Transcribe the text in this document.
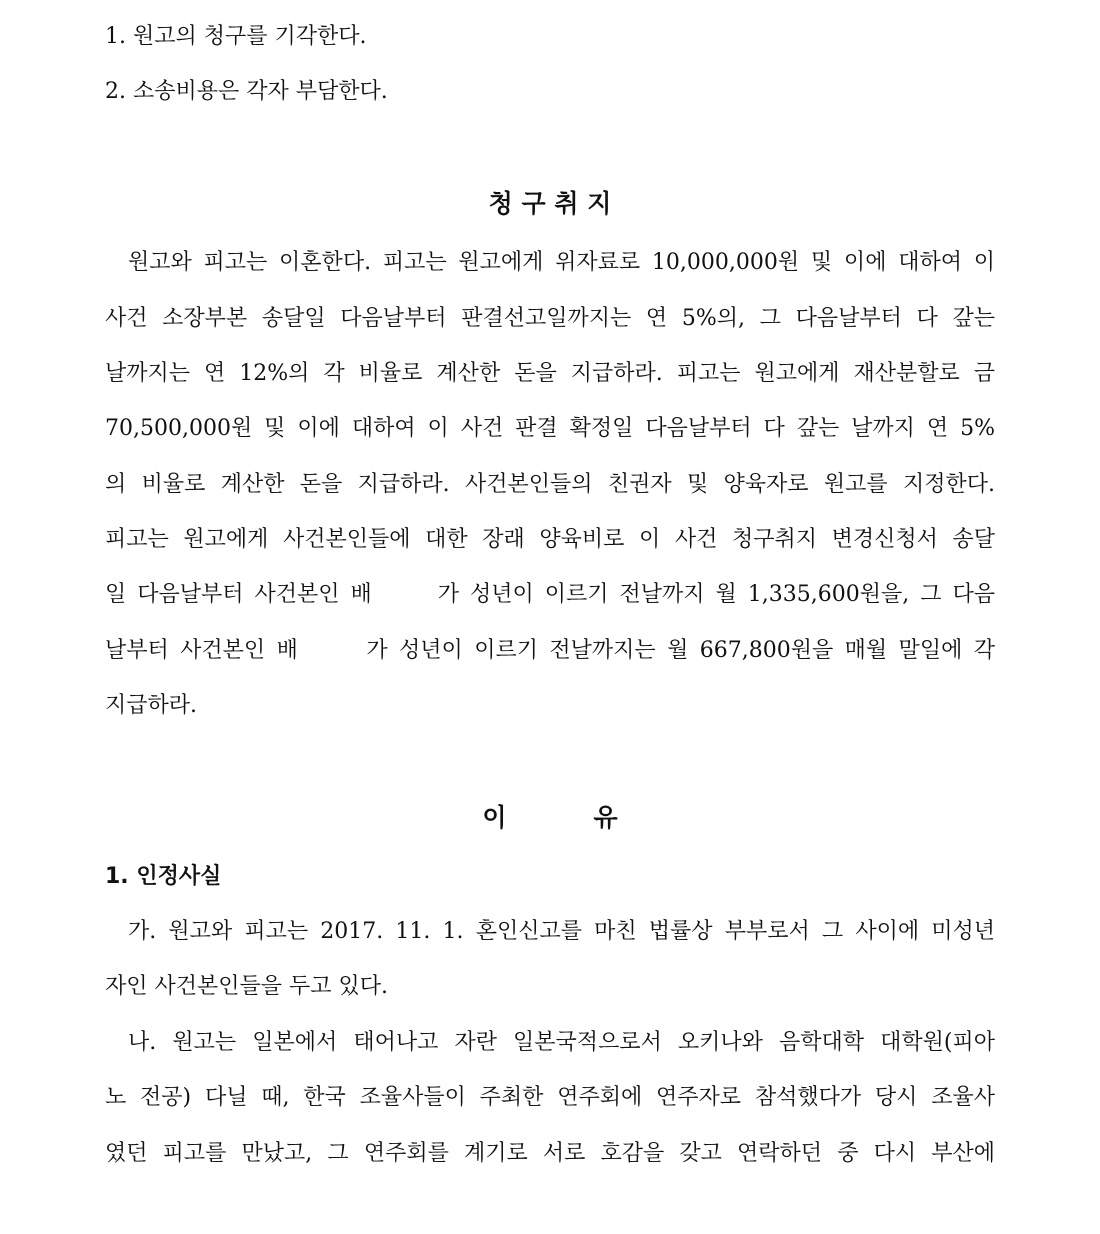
1. 원고의 청구를 기각한다.
2. 소송비용은 각자 부담한다.
청 구 취 지
원고와 피고는 이혼한다. 피고는 원고에게 위자료로 10,000,000원 및 이에 대하여 이
사건 소장부본 송달일 다음날부터 판결선고일까지는 연 5%의, 그 다음날부터 다 갚는
날까지는 연 12%의 각 비율로 계산한 돈을 지급하라. 피고는 원고에게 재산분할로 금
70,500,000원 및 이에 대하여 이 사건 판결 확정일 다음날부터 다 갚는 날까지 연 5%
의 비율로 계산한 돈을 지급하라. 사건본인들의 친권자 및 양육자로 원고를 지정한다.
피고는 원고에게 사건본인들에 대한 장래 양육비로 이 사건 청구취지 변경신청서 송달
일 다음날부터 사건본인 배      가 성년이 이르기 전날까지 월 1,335,600원을, 그 다음
날부터 사건본인 배      가 성년이 이르기 전날까지는 월 667,800원을 매월 말일에 각
지급하라.
이          유
1. 인정사실
가. 원고와 피고는 2017. 11. 1. 혼인신고를 마친 법률상 부부로서 그 사이에 미성년
자인 사건본인들을 두고 있다.
나. 원고는 일본에서 태어나고 자란 일본국적으로서 오키나와 음학대학 대학원(피아
노 전공) 다닐 때, 한국 조율사들이 주최한 연주회에 연주자로 참석했다가 당시 조율사
였던 피고를 만났고, 그 연주회를 계기로 서로 호감을 갖고 연락하던 중 다시 부산에
